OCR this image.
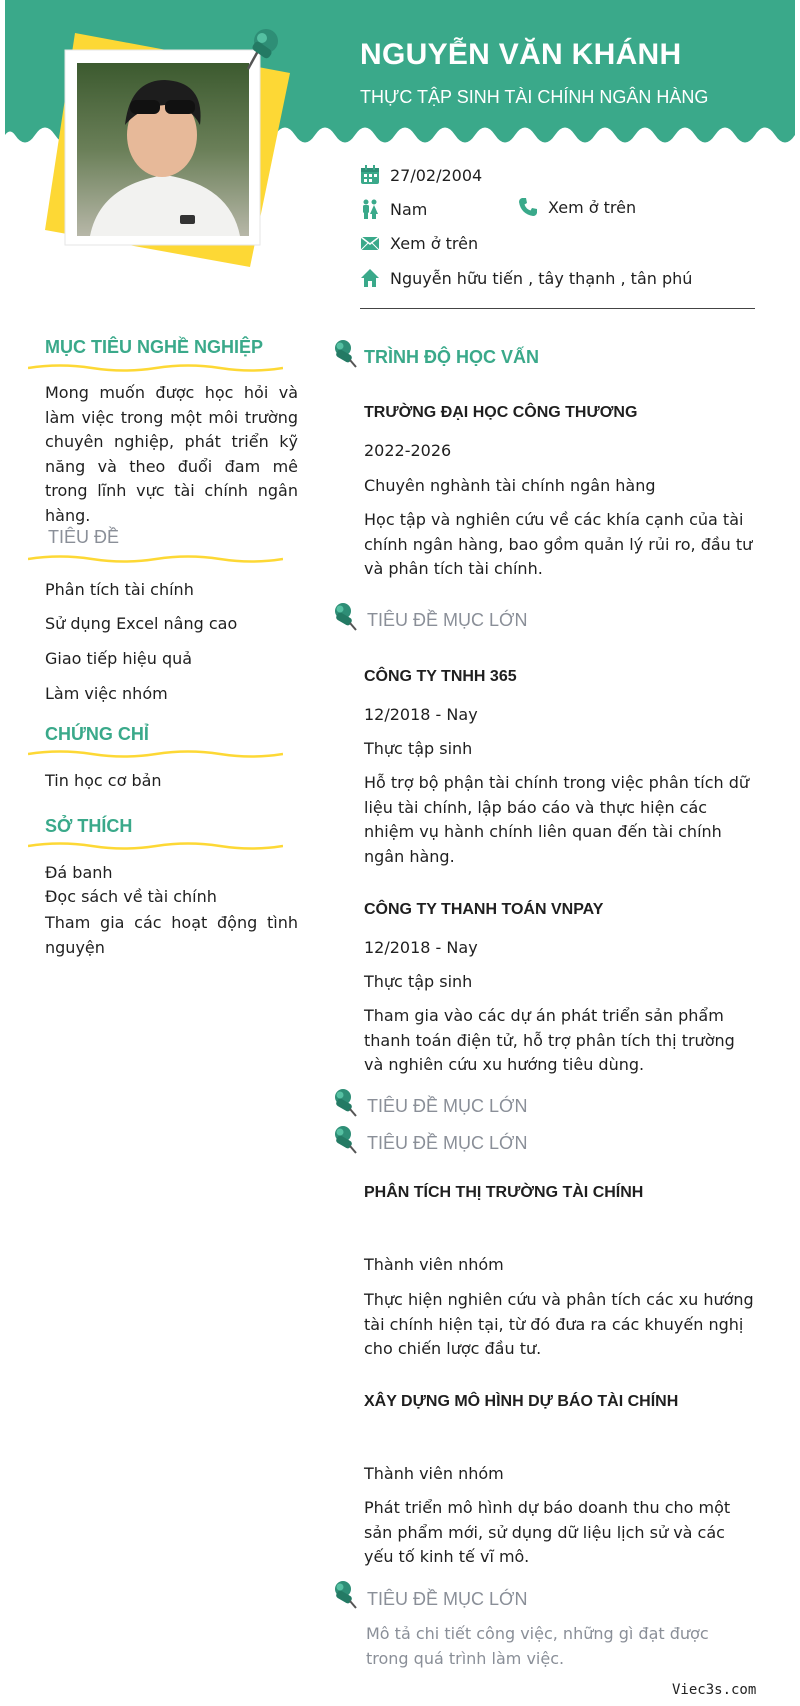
NGUYỄN VĂN KHÁNH
THỰC TẬP SINH TÀI CHÍNH NGÂN HÀNG
27/02/2004
Nam	Xem ở trên
Xem ở trên
Nguyễn hữu tiến , tây thạnh , tân phú
MỤC TIÊU NGHỀ NGHIỆP
Mong muốn được học hỏi và làm việc trong một môi trường chuyên nghiệp, phát triển kỹ năng và theo đuổi đam mê trong lĩnh vực tài chính ngân hàng.
TIÊU ĐỀ
Phân tích tài chính
Sử dụng Excel nâng cao
Giao tiếp hiệu quả
Làm việc nhóm
CHỨNG CHỈ
Tin học cơ bản
SỞ THÍCH
Đá banh
Đọc sách về tài chính
Tham gia các hoạt động tình nguyện
TRÌNH ĐỘ HỌC VẤN
TRƯỜNG ĐẠI HỌC CÔNG THƯƠNG
2022-2026
Chuyên nghành tài chính ngân hàng
Học tập và nghiên cứu về các khía cạnh của tài chính ngân hàng, bao gồm quản lý rủi ro, đầu tư và phân tích tài chính.
TIÊU ĐỀ MỤC LỚN
CÔNG TY TNHH 365
12/2018 - Nay
Thực tập sinh
Hỗ trợ bộ phận tài chính trong việc phân tích dữ liệu tài chính, lập báo cáo và thực hiện các nhiệm vụ hành chính liên quan đến tài chính ngân hàng.
CÔNG TY THANH TOÁN VNPAY
12/2018 - Nay
Thực tập sinh
Tham gia vào các dự án phát triển sản phẩm thanh toán điện tử, hỗ trợ phân tích thị trường và nghiên cứu xu hướng tiêu dùng.
TIÊU ĐỀ MỤC LỚN
TIÊU ĐỀ MỤC LỚN
PHÂN TÍCH THỊ TRƯỜNG TÀI CHÍNH
Thành viên nhóm
Thực hiện nghiên cứu và phân tích các xu hướng tài chính hiện tại, từ đó đưa ra các khuyến nghị cho chiến lược đầu tư.
XÂY DỰNG MÔ HÌNH DỰ BÁO TÀI CHÍNH
Thành viên nhóm
Phát triển mô hình dự báo doanh thu cho một sản phẩm mới, sử dụng dữ liệu lịch sử và các yếu tố kinh tế vĩ mô.
TIÊU ĐỀ MỤC LỚN
Mô tả chi tiết công việc, những gì đạt được trong quá trình làm việc.
Viec3s.com
